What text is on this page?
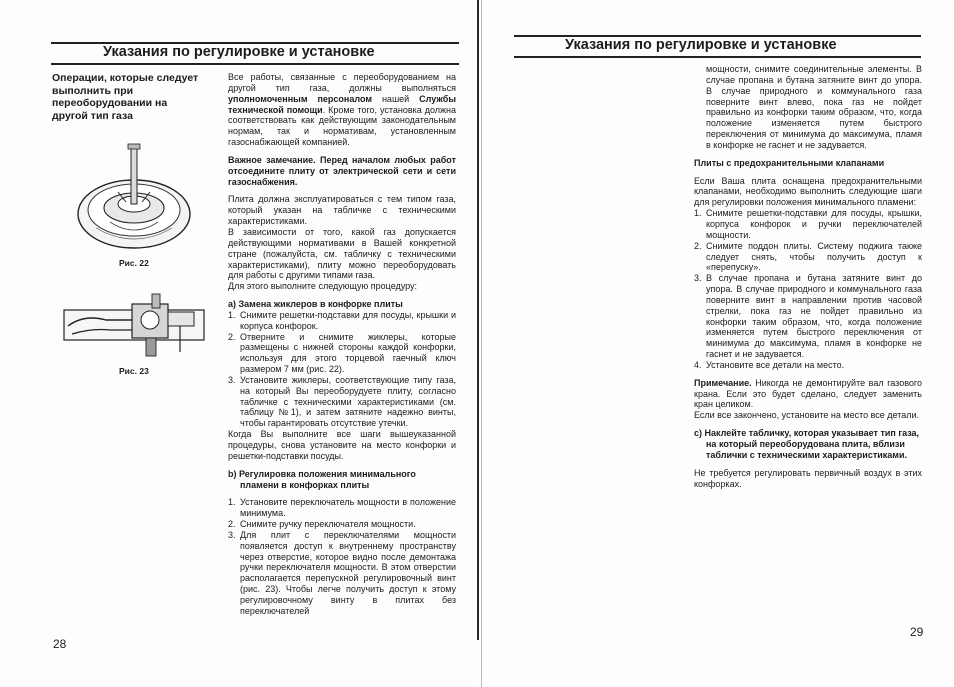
Указания по регулировке и установке
Операции, которые следует выполнить при переоборудовании на другой тип газа
Рис. 22
Рис. 23

Все работы, связанные с переоборудованием на другой тип газа, должны выполняться уполномоченным персоналом нашей Службы технической помощи. Кроме того, установка должна соответствовать как действующим законодательным нормам, так и нормативам, установленным газоснабжающей компанией.

Важное замечание. Перед началом любых работ отсоедините плиту от электрической сети и сети газоснабжения.

Плита должна эксплуатироваться с тем типом газа, который указан на табличке с техническими характеристиками.

В зависимости от того, какой газ допускается действующими нормативами в Вашей конкретной стране (пожалуйста, см. табличку с техническими характеристиками), плиту можно переоборудовать для работы с другими типами газа.

Для этого выполните следующую процедуру:

a) Замена жиклеров в конфорке плиты

1. Снимите решетки-подставки для посуды, крышки и корпуса конфорок.
2. Отверните и снимите жиклеры, которые размещены с нижней стороны каждой конфорки, используя для этого торцевой гаечный ключ размером 7 мм (рис. 22).
3. Установите жиклеры, соответствующие типу газа, на который Вы переоборудуете плиту, согласно табличке с техническими характеристиками (см. таблицу №1), и затем затяните надежно винты, чтобы гарантировать отсутствие утечки.

Когда Вы выполните все шаги вышеуказанной процедуры, снова установите на место конфорки и решетки-подставки посуды.

b) Регулировка положения минимального пламени в конфорках плиты

1. Установите переключатель мощности в положение минимума.
2. Снимите ручку переключателя мощности.
3. Для плит с переключателями мощности появляется доступ к внутреннему пространству через отверстие, которое видно после демонтажа ручки переключателя мощности. В этом отверстии располагается перепускной регулировочный винт (рис. 23). Чтобы легче получить доступ к этому регулировочному винту в плитах без переключателей
28
Указания по регулировке и установке

мощности, снимите соединительные элементы. В случае пропана и бутана затяните винт до упора. В случае природного и коммунального газа поверните винт влево, пока газ не пойдет правильно из конфорки таким образом, что, когда положение изменяется путем быстрого переключения от минимума до максимума, пламя в конфорке не гаснет и не задувается.

Плиты с предохранительными клапанами

Если Ваша плита оснащена предохранительными клапанами, необходимо выполнить следующие шаги для регулировки положения минимального пламени:

1. Снимите решетки-подставки для посуды, крышки, корпуса конфорок и ручки переключателей мощности.
2. Снимите поддон плиты. Систему поджига также следует снять, чтобы получить доступ к «перепуску».
3. В случае пропана и бутана затяните винт до упора. В случае природного и коммунального газа поверните винт в направлении против часовой стрелки, пока газ не пойдет правильно из конфорки таким образом, что, когда положение изменяется путем быстрого переключения от минимума до максимума, пламя в конфорке не гаснет и не задувается.
4. Установите все детали на место.

Примечание. Никогда не демонтируйте вал газового крана. Если это будет сделано, следует заменить кран целиком.

Если все закончено, установите на место все детали.

c) Наклейте табличку, которая указывает тип газа, на который переоборудована плита, вблизи таблички с техническими характеристиками.

Не требуется регулировать первичный воздух в этих конфорках.

29
